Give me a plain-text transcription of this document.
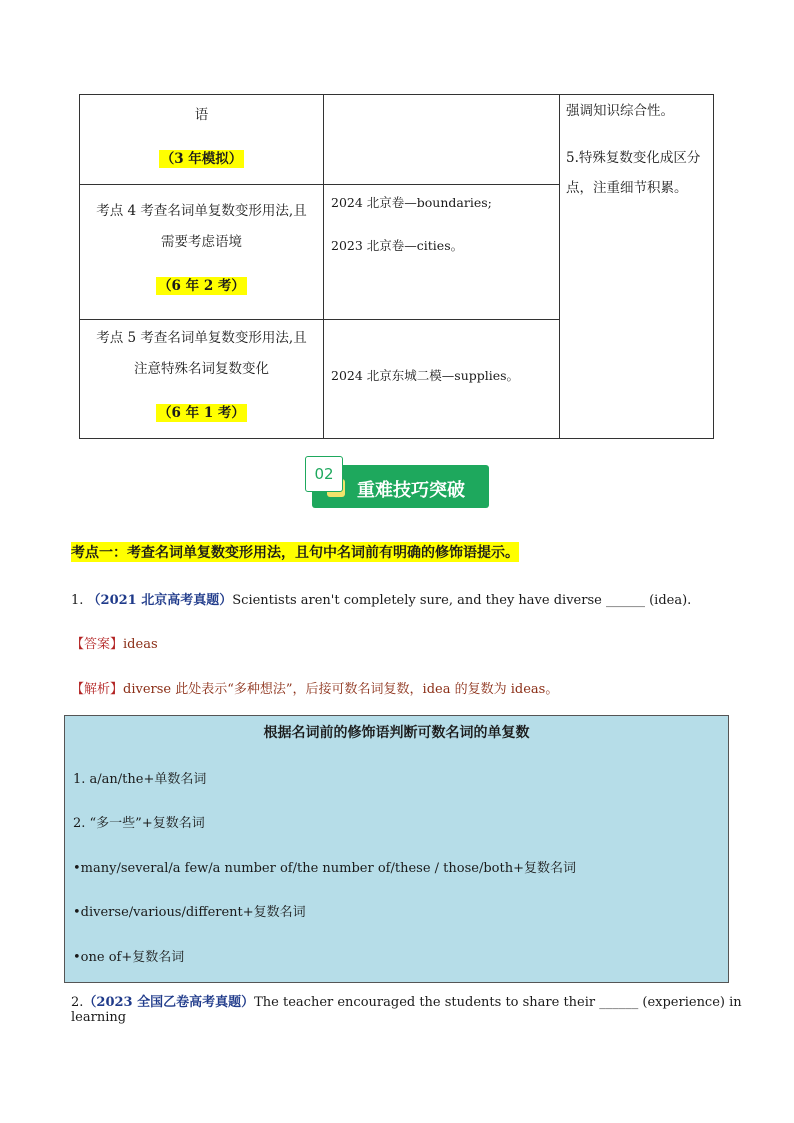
语
（3 年模拟）
考点 4 考查名词单复数变形用法,且
需要考虑语境
（6 年 2 考）
2024 北京卷—boundaries;
2023 北京卷—cities。
考点 5 考查名词单复数变形用法,且
注意特殊名词复数变化
（6 年 1 考）
2024 北京东城二模—supplies。
强调知识综合性。
5.特殊复数变化成区分
点，注重细节积累。
02
重难技巧突破
考点一：考查名词单复数变形用法，且句中名词前有明确的修饰语提示。
1. （2021 北京高考真题）Scientists aren't completely sure, and they have diverse ______ (idea).
【答案】ideas
【解析】diverse 此处表示“多种想法”，后接可数名词复数，idea 的复数为 ideas。
根据名词前的修饰语判断可数名词的单复数
1. a/an/the+单数名词
2. “多一些”+复数名词
•many/several/a few/a number of/the number of/these / those/both+复数名词
•diverse/various/different+复数名词
•one of+复数名词
2.（2023 全国乙卷高考真题）The teacher encouraged the students to share their ______ (experience) in learning
